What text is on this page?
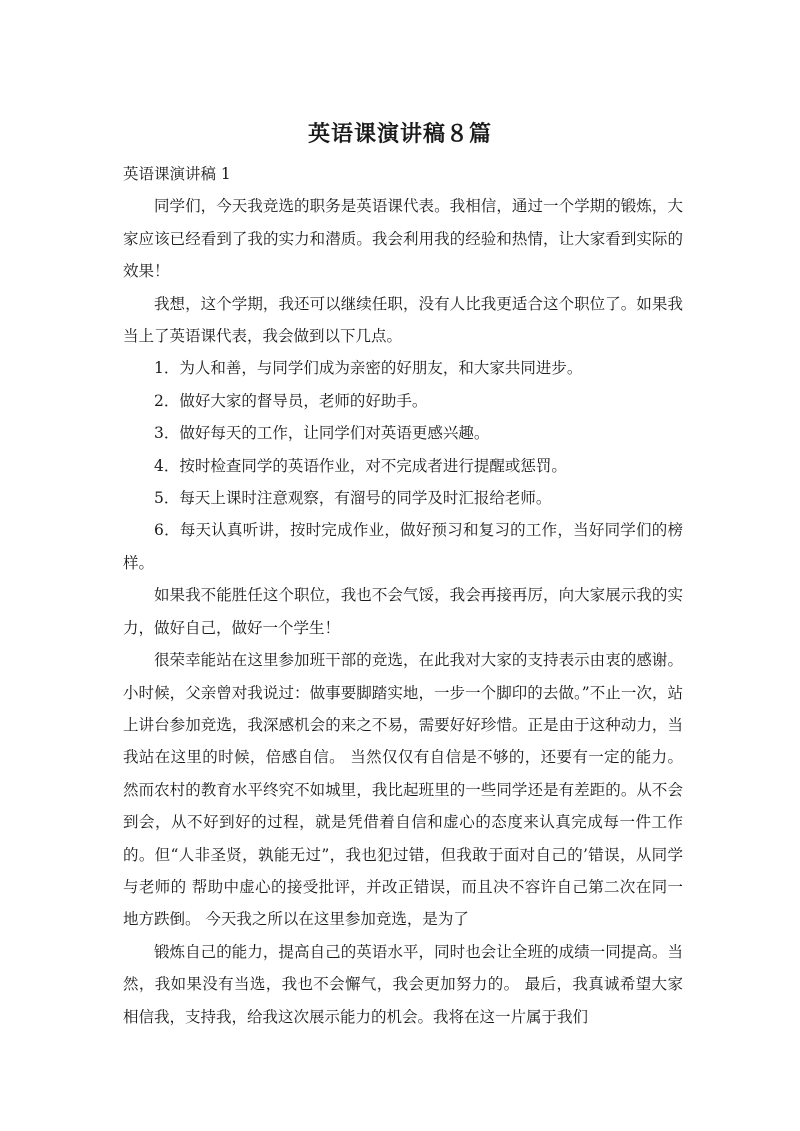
英语课演讲稿８篇

英语课演讲稿 1

同学们，今天我竞选的职务是英语课代表。我相信，通过一个学期的锻炼，大家应该已经看到了我的实力和潜质。我会利用我的经验和热情，让大家看到实际的效果！

我想，这个学期，我还可以继续任职，没有人比我更适合这个职位了。如果我当上了英语课代表，我会做到以下几点。

1．为人和善，与同学们成为亲密的好朋友，和大家共同进步。

2．做好大家的督导员，老师的好助手。

3．做好每天的工作，让同学们对英语更感兴趣。

4．按时检查同学的英语作业，对不完成者进行提醒或惩罚。

5．每天上课时注意观察，有溜号的同学及时汇报给老师。

6．每天认真听讲，按时完成作业，做好预习和复习的工作，当好同学们的榜样。

如果我不能胜任这个职位，我也不会气馁，我会再接再厉，向大家展示我的实力，做好自己，做好一个学生！

很荣幸能站在这里参加班干部的竞选，在此我对大家的支持表示由衷的感谢。 小时候，父亲曾对我说过：做事要脚踏实地，一步一个脚印的去做。”不止一次，站上讲台参加竞选，我深感机会的来之不易，需要好好珍惜。正是由于这种动力，当我站在这里的时候，倍感自信。 当然仅仅有自信是不够的，还要有一定的能力。然而农村的教育水平终究不如城里，我比起班里的一些同学还是有差距的。从不会到会，从不好到好的过程，就是凭借着自信和虚心的态度来认真完成每一件工作的。但“人非圣贤，孰能无过”，我也犯过错，但我敢于面对自己的’错误，从同学与老师的 帮助中虚心的接受批评，并改正错误，而且决不容许自己第二次在同一地方跌倒。 今天我之所以在这里参加竞选，是为了

锻炼自己的能力，提高自己的英语水平，同时也会让全班的成绩一同提高。当然，我如果没有当选，我也不会懈气，我会更加努力的。 最后，我真诚希望大家相信我，支持我，给我这次展示能力的机会。我将在这一片属于我们
